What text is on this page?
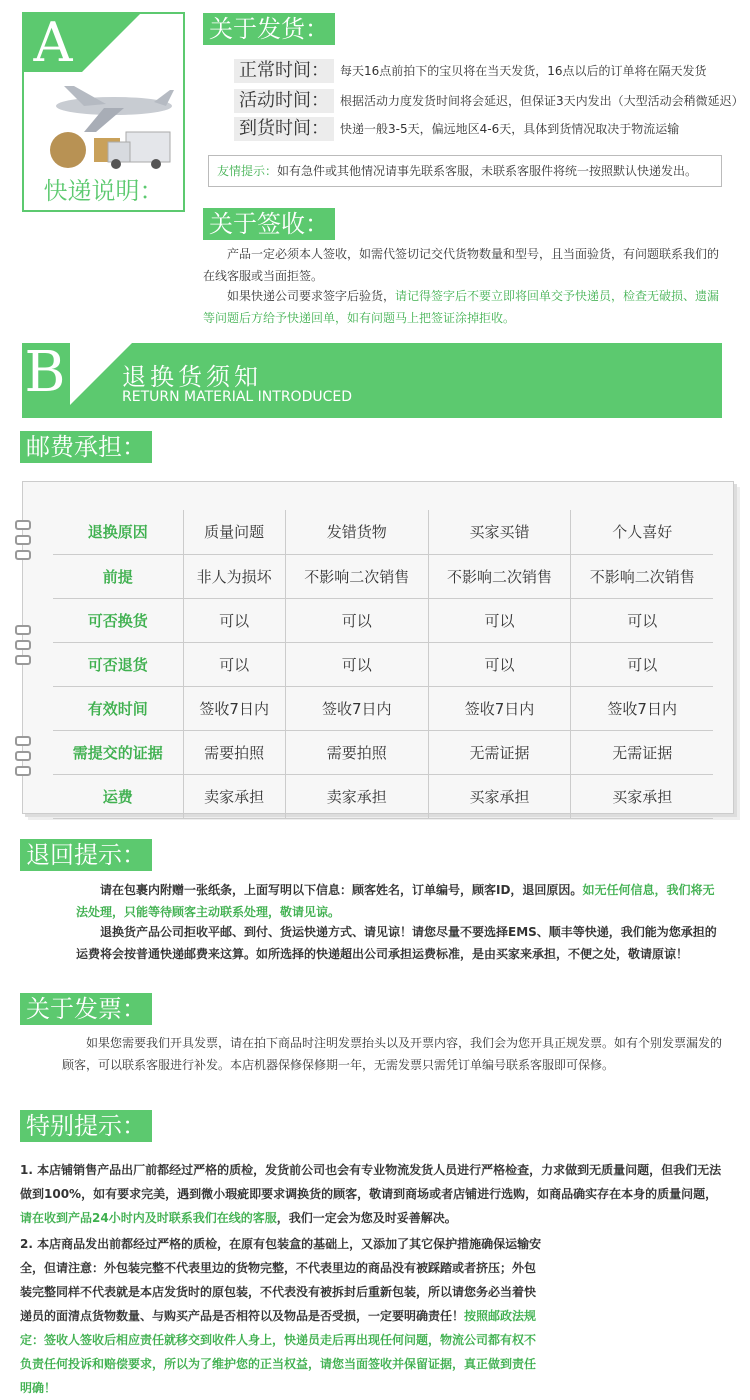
A
快递说明：
关于发货：
正常时间： 每天16点前拍下的宝贝将在当天发货，16点以后的订单将在隔天发货
活动时间： 根据活动力度发货时间将会延迟，但保证3天内发出（大型活动会稍微延迟）
到货时间： 快递一般3-5天，偏远地区4-6天，具体到货情况取决于物流运输
友情提示：如有急件或其他情况请事先联系客服，未联系客服件将统一按照默认快递发出。
关于签收：
产品一定必须本人签收，如需代签切记交代货物数量和型号，且当面验货，有问题联系我们的在线客服或当面拒签。
如果快递公司要求签字后验货，请记得签字后不要立即将回单交予快递员，检查无破损、遗漏等问题后方给予快递回单，如有问题马上把签证涂掉拒收。
B 退换货须知
RETURN MATERIAL INTRODUCED
邮费承担：
退换原因	质量问题	发错货物	买家买错	个人喜好
前提	非人为损坏	不影响二次销售	不影响二次销售	不影响二次销售
可否换货	可以	可以	可以	可以
可否退货	可以	可以	可以	可以
有效时间	签收7日内	签收7日内	签收7日内	签收7日内
需提交的证据	需要拍照	需要拍照	无需证据	无需证据
运费	卖家承担	卖家承担	买家承担	买家承担
退回提示：
请在包裹内附赠一张纸条，上面写明以下信息：顾客姓名，订单编号，顾客ID，退回原因。如无任何信息，我们将无法处理，只能等待顾客主动联系处理，敬请见谅。
退换货产品公司拒收平邮、到付、货运快递方式、请见谅！请您尽量不要选择EMS、顺丰等快递，我们能为您承担的运费将会按普通快递邮费来这算。如所选择的快递超出公司承担运费标准，是由买家来承担，不便之处，敬请原谅！
关于发票：
如果您需要我们开具发票，请在拍下商品时注明发票抬头以及开票内容，我们会为您开具正规发票。如有个别发票漏发的顾客，可以联系客服进行补发。本店机器保修保修期一年，无需发票只需凭订单编号联系客服即可保修。
特别提示：
1. 本店铺销售产品出厂前都经过严格的质检，发货前公司也会有专业物流发货人员进行严格检查，力求做到无质量问题，但我们无法做到100%，如有要求完美，遇到微小瑕疵即要求调换货的顾客，敬请到商场或者店铺进行选购，如商品确实存在本身的质量问题，请在收到产品24小时内及时联系我们在线的客服，我们一定会为您及时妥善解决。
2. 本店商品发出前都经过严格的质检，在原有包装盒的基础上，又添加了其它保护措施确保运输安全，但请注意：外包装完整不代表里边的货物完整，不代表里边的商品没有被踩踏或者挤压；外包装完整同样不代表就是本店发货时的原包装，不代表没有被拆封后重新包装，所以请您务必当着快递员的面清点货物数量、与购买产品是否相符以及物品是否受损，一定要明确责任！按照邮政法规定：签收人签收后相应责任就移交到收件人身上，快递员走后再出现任何问题，物流公司都有权不负责任何投诉和赔偿要求，所以为了维护您的正当权益，请您当面签收并保留证据，真正做到责任明确！
